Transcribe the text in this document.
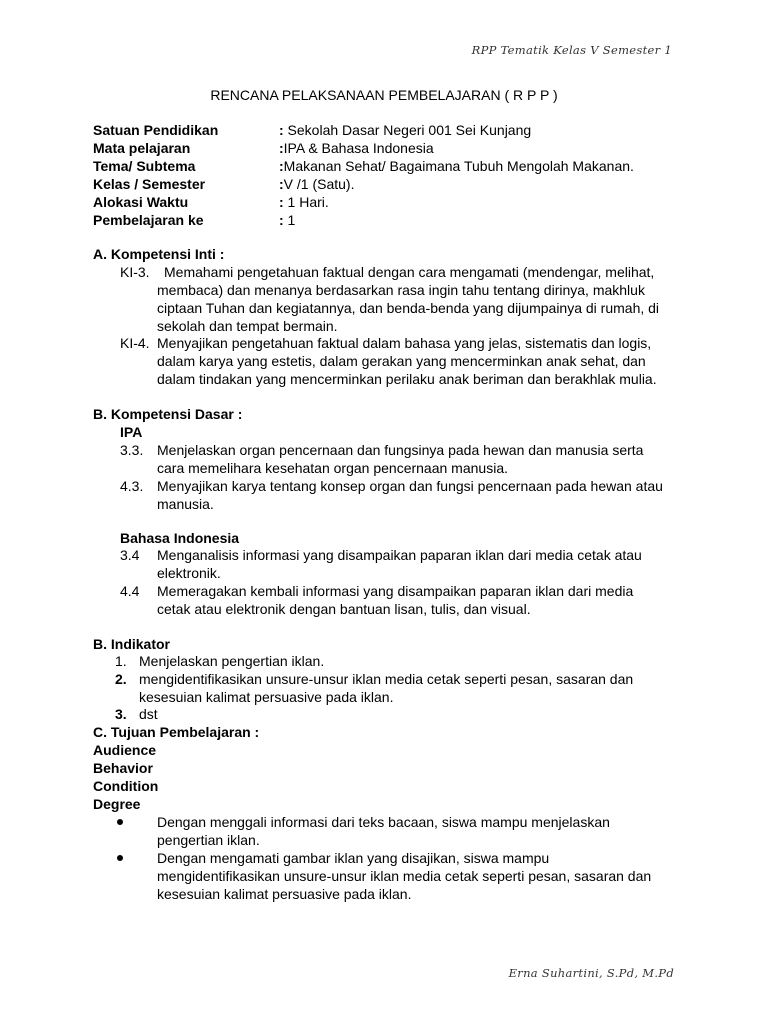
RPP Tematik Kelas V Semester 1
RENCANA PELAKSANAAN PEMBELAJARAN ( R P P )
Satuan Pendidikan	: Sekolah Dasar Negeri 001 Sei Kunjang
Mata pelajaran	:IPA & Bahasa Indonesia
Tema/ Subtema	:Makanan Sehat/ Bagaimana Tubuh Mengolah Makanan.
Kelas / Semester	:V /1 (Satu).
Alokasi Waktu	: 1 Hari.
Pembelajaran ke	: 1
A. Kompetensi Inti :
KI-3. Memahami pengetahuan faktual dengan cara mengamati (mendengar, melihat,
membaca) dan menanya berdasarkan rasa ingin tahu tentang dirinya, makhluk
ciptaan Tuhan dan kegiatannya, dan benda-benda yang dijumpainya di rumah, di
sekolah dan tempat bermain.
KI-4. Menyajikan pengetahuan faktual dalam bahasa yang jelas, sistematis dan logis,
dalam karya yang estetis, dalam gerakan yang mencerminkan anak sehat, dan
dalam tindakan yang mencerminkan perilaku anak beriman dan berakhlak mulia.
B. Kompetensi Dasar :
IPA
3.3. Menjelaskan organ pencernaan dan fungsinya pada hewan dan manusia serta
cara memelihara kesehatan organ pencernaan manusia.
4.3. Menyajikan karya tentang konsep organ dan fungsi pencernaan pada hewan atau
manusia.
Bahasa Indonesia
3.4 Menganalisis informasi yang disampaikan paparan iklan dari media cetak atau
elektronik.
4.4 Memeragakan kembali informasi yang disampaikan paparan iklan dari media
cetak atau elektronik dengan bantuan lisan, tulis, dan visual.
B. Indikator
1. Menjelaskan pengertian iklan.
2. mengidentifikasikan unsure-unsur iklan media cetak seperti pesan, sasaran dan
kesesuian kalimat persuasive pada iklan.
3. dst
C. Tujuan Pembelajaran :
Audience
Behavior
Condition
Degree
Dengan menggali informasi dari teks bacaan, siswa mampu menjelaskan
pengertian iklan.
Dengan mengamati gambar iklan yang disajikan, siswa mampu
mengidentifikasikan unsure-unsur iklan media cetak seperti pesan, sasaran dan
kesesuian kalimat persuasive pada iklan.
Erna Suhartini, S.Pd, M.Pd
